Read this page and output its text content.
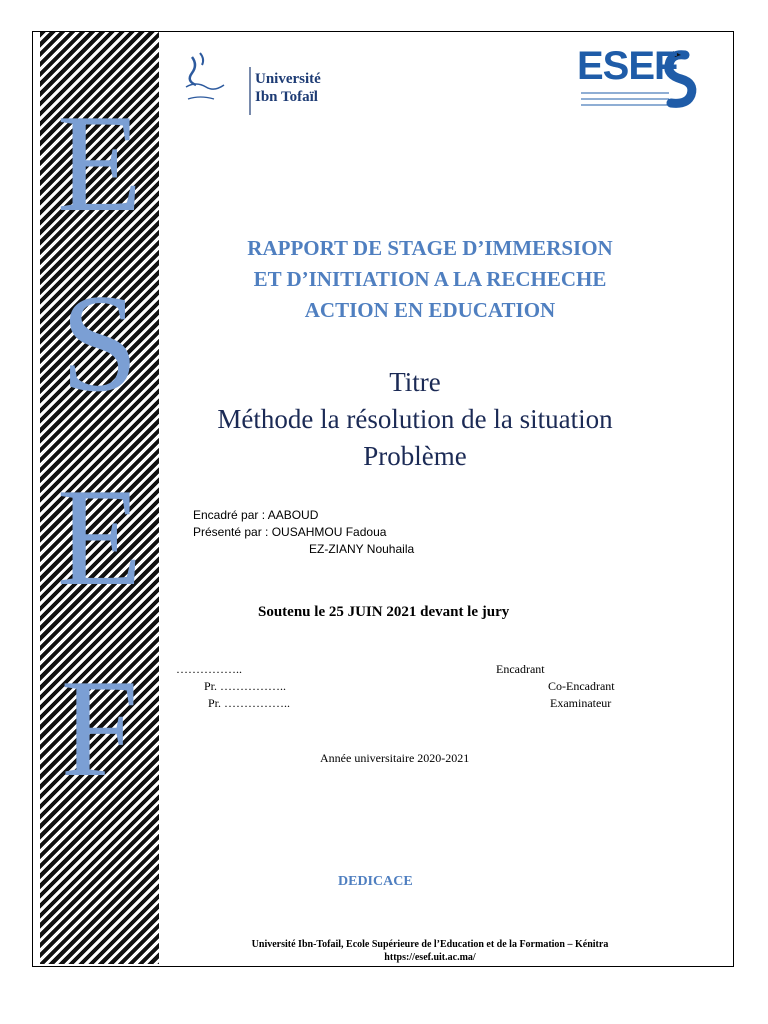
E
S
E
F
Université
Ibn Tofaïl
ESEF
RAPPORT DE STAGE D’IMMERSION
ET D’INITIATION A LA RECHECHE
ACTION EN EDUCATION
Titre
Méthode la résolution de la situation
Problème
Encadré par : AABOUD
Présenté par : OUSAHMOU Fadoua
EZ-ZIANY Nouhaila
Soutenu le 25 JUIN 2021 devant le jury
……………..	Encadrant
Pr. ……………..	Co-Encadrant
Pr. ……………..	Examinateur
Année universitaire 2020-2021
DEDICACE
Université Ibn-Tofail, Ecole Supérieure de l’Education et de la Formation – Kénitra
https://esef.uit.ac.ma/
